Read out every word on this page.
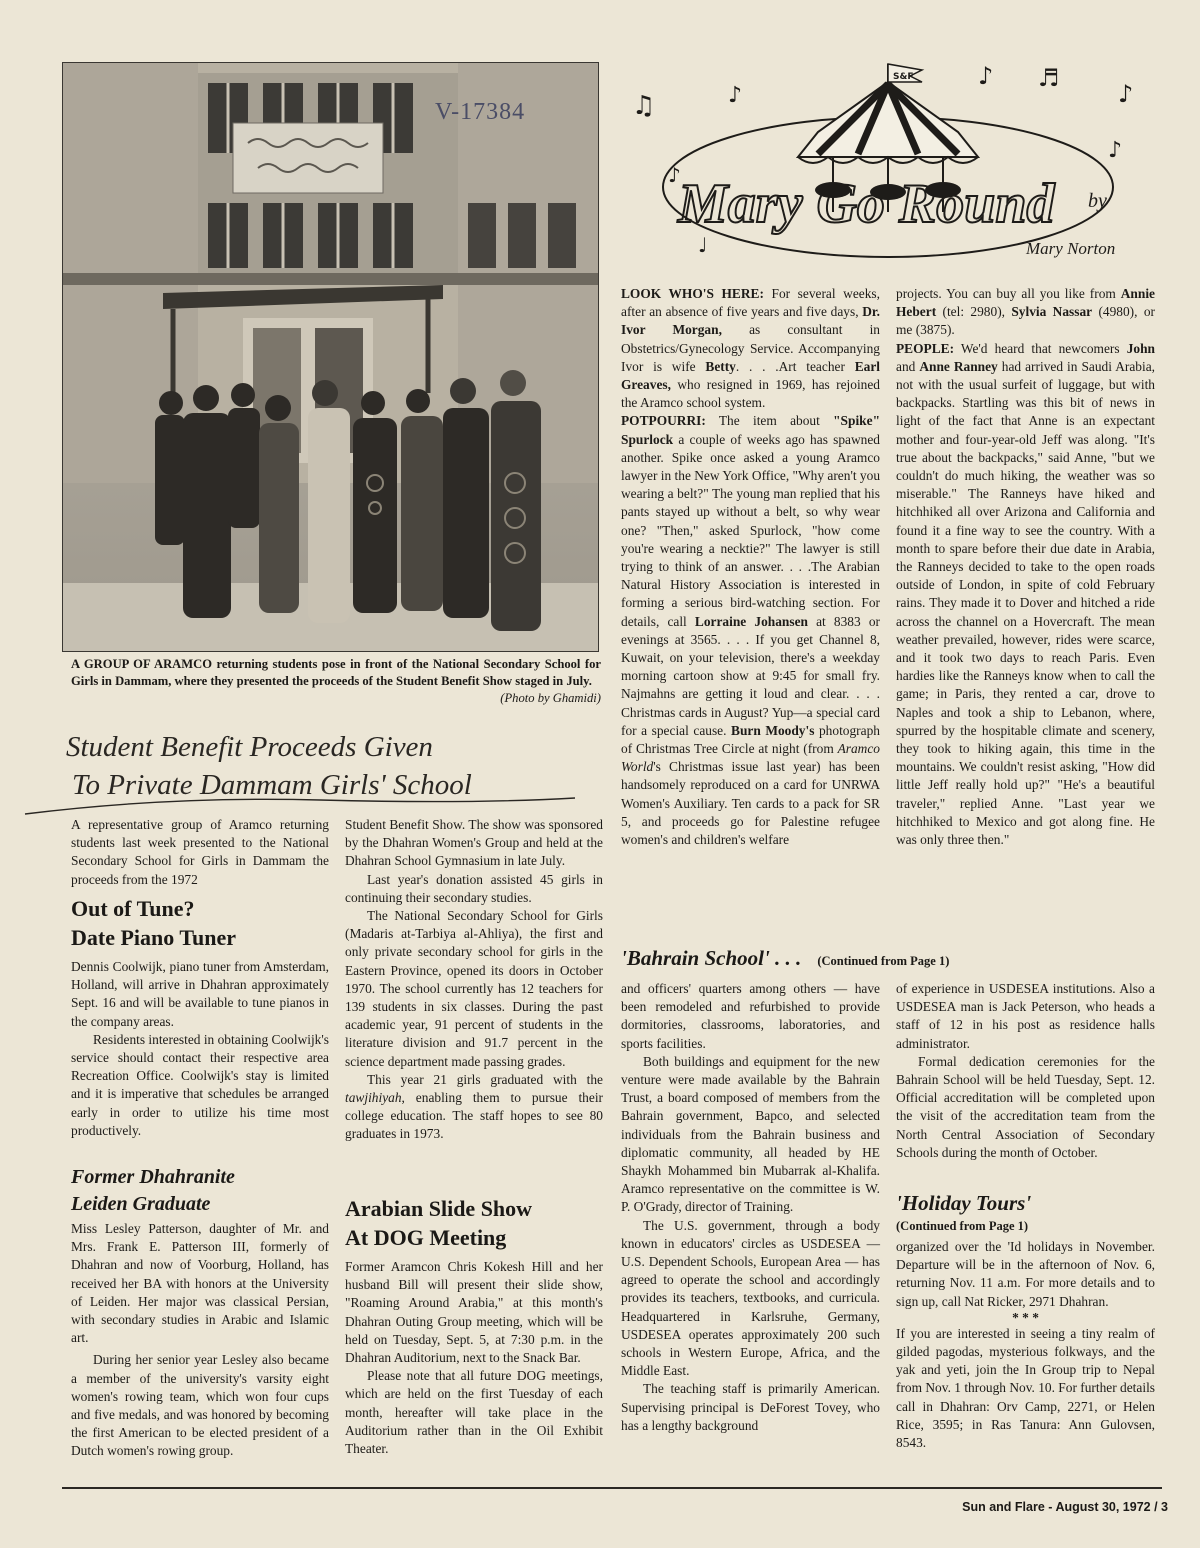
V-17384
A GROUP OF ARAMCO returning students pose in front of the National Secondary School for Girls in Dammam, where they presented the proceeds of the Student Benefit Show staged in July.
(Photo by Ghamidi)
Student Benefit Proceeds Given
To Private Dammam Girls' School

A representative group of Aramco returning students last week presented to the National Secondary School for Girls in Dammam the proceeds from the 1972

Out of Tune?
Date Piano Tuner

Dennis Coolwijk, piano tuner from Amsterdam, Holland, will arrive in Dhahran approximately Sept. 16 and will be available to tune pianos in the company areas.

Residents interested in obtaining Coolwijk's service should contact their respective area Recreation Office. Coolwijk's stay is limited and it is imperative that schedules be arranged early in order to utilize his time most productively.

Former Dhahranite
Leiden Graduate

Miss Lesley Patterson, daughter of Mr. and Mrs. Frank E. Patterson III, formerly of Dhahran and now of Voorburg, Holland, has received her BA with honors at the University of Leiden. Her major was classical Persian, with secondary studies in Arabic and Islamic art.

During her senior year Lesley also became a member of the university's varsity eight women's rowing team, which won four cups and five medals, and was honored by becoming the first American to be elected president of a Dutch women's rowing group.

Student Benefit Show. The show was sponsored by the Dhahran Women's Group and held at the Dhahran School Gymnasium in late July.

Last year's donation assisted 45 girls in continuing their secondary studies.

The National Secondary School for Girls (Madaris at-Tarbiya al-Ahliya), the first and only private secondary school for girls in the Eastern Province, opened its doors in October 1970. The school currently has 12 teachers for 139 students in six classes. During the past academic year, 91 percent of students in the literature division and 91.7 percent in the science department made passing grades.

This year 21 girls graduated with the tawjihiyah, enabling them to pursue their college education. The staff hopes to see 80 graduates in 1973.

Arabian Slide Show
At DOG Meeting

Former Aramcon Chris Kokesh Hill and her husband Bill will present their slide show, "Roaming Around Arabia," at this month's Dhahran Outing Group meeting, which will be held on Tuesday, Sept. 5, at 7:30 p.m. in the Dhahran Auditorium, next to the Snack Bar.

Please note that all future DOG meetings, which are held on the first Tuesday of each month, hereafter will take place in the Auditorium rather than in the Oil Exhibit Theater.

♫	♪
♪ ♬
♪
♪
♪
♩
S&F
Mary Go Round by
Mary Norton

LOOK WHO'S HERE: For several weeks, after an absence of five years and five days, Dr. Ivor Morgan, as consultant in Obstetrics/Gynecology Service. Accompanying Ivor is wife Betty. . . .Art teacher Earl Greaves, who resigned in 1969, has rejoined the Aramco school system.

POTPOURRI: The item about "Spike" Spurlock a couple of weeks ago has spawned another. Spike once asked a young Aramco lawyer in the New York Office, "Why aren't you wearing a belt?" The young man replied that his pants stayed up without a belt, so why wear one? "Then," asked Spurlock, "how come you're wearing a necktie?" The lawyer is still trying to think of an answer. . . .The Arabian Natural History Association is interested in forming a serious bird-watching section. For details, call Lorraine Johansen at 8383 or evenings at 3565. . . . If you get Channel 8, Kuwait, on your television, there's a weekday morning cartoon show at 9:45 for small fry. Najmahns are getting it loud and clear. . . . Christmas cards in August? Yup—a special card for a special cause. Burn Moody's photograph of Christmas Tree Circle at night (from Aramco World's Christmas issue last year) has been handsomely reproduced on a card for UNRWA Women's Auxiliary. Ten cards to a pack for SR 5, and proceeds go for Palestine refugee women's and children's welfare

projects. You can buy all you like from Annie Hebert (tel: 2980), Sylvia Nassar (4980), or me (3875).

PEOPLE: We'd heard that newcomers John and Anne Ranney had arrived in Saudi Arabia, not with the usual surfeit of luggage, but with backpacks. Startling was this bit of news in light of the fact that Anne is an expectant mother and four-year-old Jeff was along. "It's true about the backpacks," said Anne, "but we couldn't do much hiking, the weather was so miserable." The Ranneys have hiked and hitchhiked all over Arizona and California and found it a fine way to see the country. With a month to spare before their due date in Arabia, the Ranneys decided to take to the open roads outside of London, in spite of cold February rains. They made it to Dover and hitched a ride across the channel on a Hovercraft. The mean weather prevailed, however, rides were scarce, and it took two days to reach Paris. Even hardies like the Ranneys know when to call the game; in Paris, they rented a car, drove to Naples and took a ship to Lebanon, where, spurred by the hospitable climate and scenery, they took to hiking again, this time in the mountains. We couldn't resist asking, "How did little Jeff really hold up?" "He's a beautiful traveler," replied Anne. "Last year we hitchhiked to Mexico and got along fine. He was only three then."

'Bahrain School' . . . (Continued from Page 1)

and officers' quarters among others — have been remodeled and refurbished to provide dormitories, classrooms, laboratories, and sports facilities.

Both buildings and equipment for the new venture were made available by the Bahrain Trust, a board composed of members from the Bahrain government, Bapco, and selected individuals from the Bahrain business and diplomatic community, all headed by HE Shaykh Mohammed bin Mubarrak al-Khalifa. Aramco representative on the committee is W. P. O'Grady, director of Training.

The U.S. government, through a body known in educators' circles as USDESEA — U.S. Dependent Schools, European Area — has agreed to operate the school and accordingly provides its teachers, textbooks, and curricula. Headquartered in Karlsruhe, Germany, USDESEA operates approximately 200 such schools in Western Europe, Africa, and the Middle East.

The teaching staff is primarily American. Supervising principal is DeForest Tovey, who has a lengthy background

of experience in USDESEA institutions. Also a USDESEA man is Jack Peterson, who heads a staff of 12 in his post as residence halls administrator.

Formal dedication ceremonies for the Bahrain School will be held Tuesday, Sept. 12. Official accreditation will be completed upon the visit of the accreditation team from the North Central Association of Secondary Schools during the month of October.

'Holiday Tours'
(Continued from Page 1)

organized over the 'Id holidays in November. Departure will be in the afternoon of Nov. 6, returning Nov. 11 a.m. For more details and to sign up, call Nat Ricker, 2971 Dhahran.

* * *

If you are interested in seeing a tiny realm of gilded pagodas, mysterious folkways, and the yak and yeti, join the In Group trip to Nepal from Nov. 1 through Nov. 10. For further details call in Dhahran: Orv Camp, 2271, or Helen Rice, 3595; in Ras Tanura: Ann Gulovsen, 8543.

Sun and Flare - August 30, 1972 / 3
